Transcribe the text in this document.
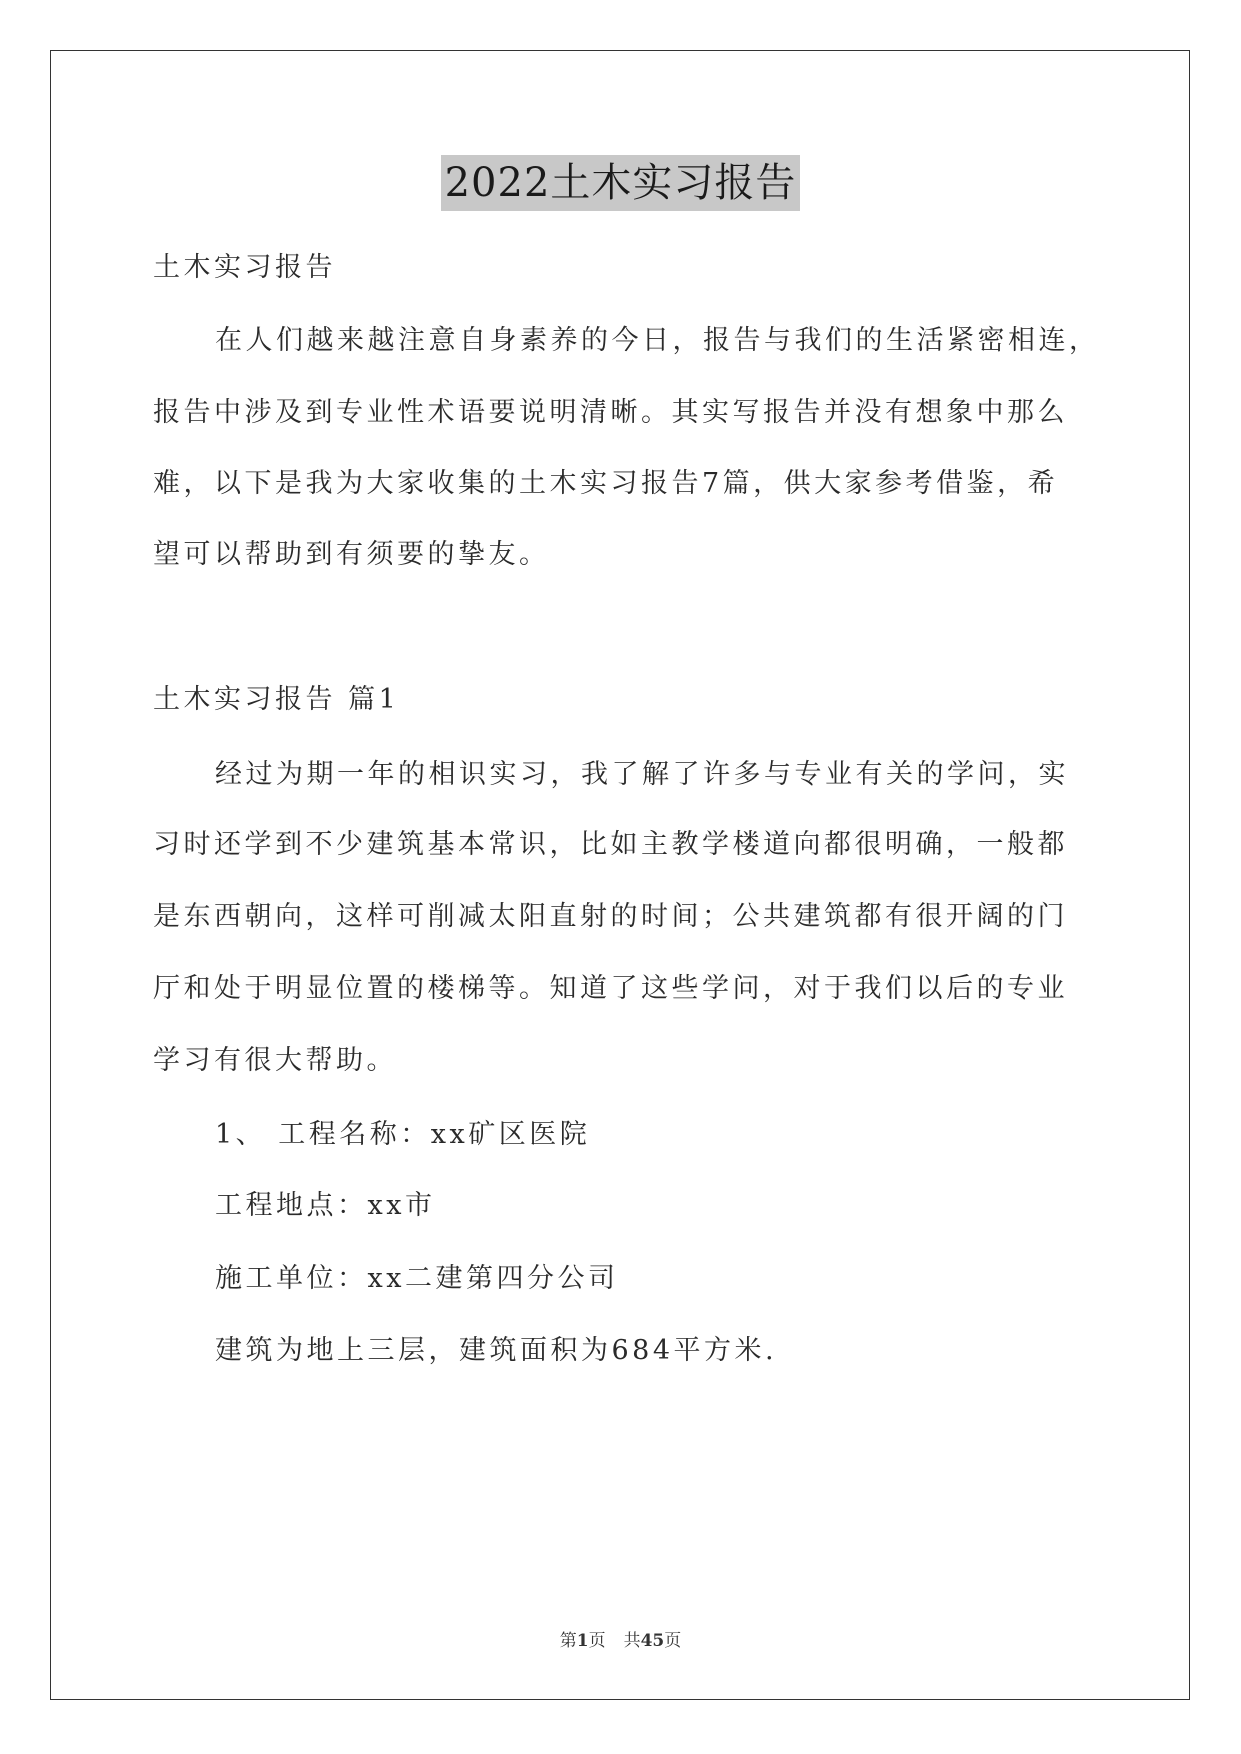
2022土木实习报告
土木实习报告
在人们越来越注意自身素养的今日，报告与我们的生活紧密相连，
报告中涉及到专业性术语要说明清晰。其实写报告并没有想象中那么
难，以下是我为大家收集的土木实习报告7篇，供大家参考借鉴，希
望可以帮助到有须要的挚友。
土木实习报告 篇1
经过为期一年的相识实习，我了解了许多与专业有关的学问，实
习时还学到不少建筑基本常识，比如主教学楼道向都很明确，一般都
是东西朝向，这样可削减太阳直射的时间；公共建筑都有很开阔的门
厅和处于明显位置的楼梯等。知道了这些学问，对于我们以后的专业
学习有很大帮助。
1、 工程名称：xx矿区医院
工程地点：xx市
施工单位：xx二建第四分公司
建筑为地上三层，建筑面积为684平方米.
第1页 共45页
